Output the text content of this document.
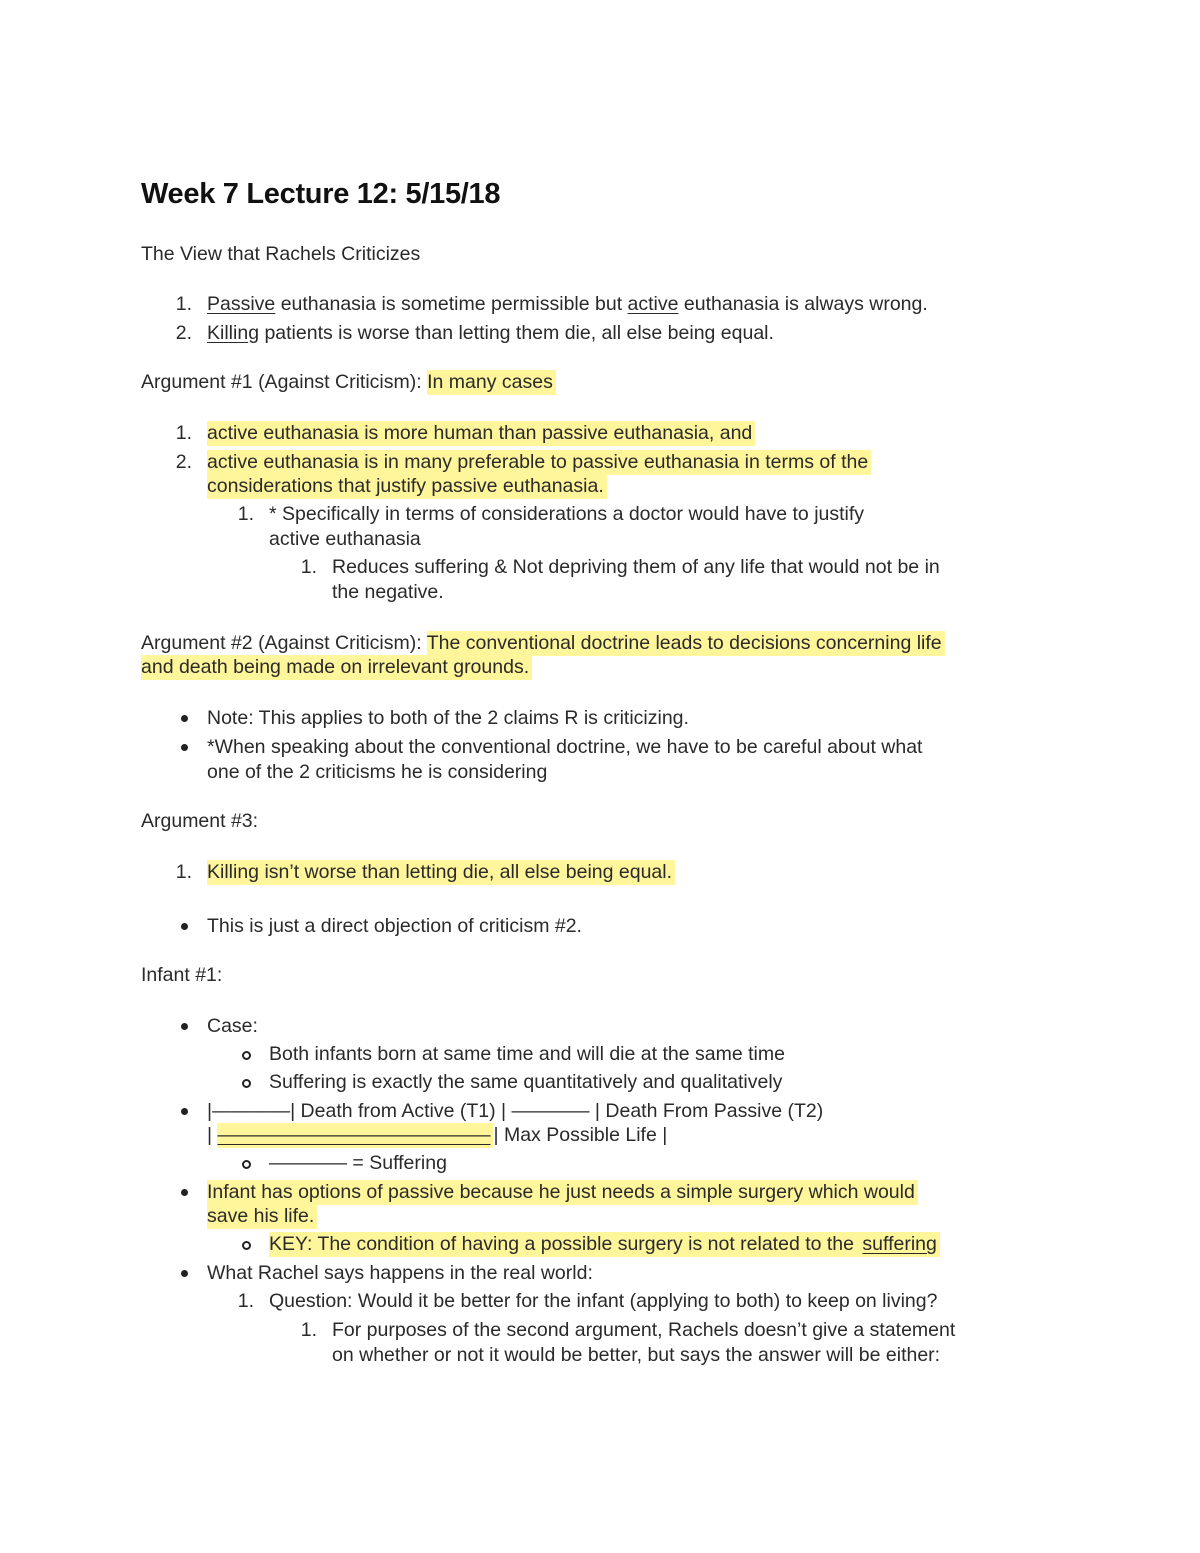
Week 7 Lecture 12: 5/15/18
The View that Rachels Criticizes
1. Passive euthanasia is sometime permissible but active euthanasia is always wrong.
2. Killing patients is worse than letting them die, all else being equal.
Argument #1 (Against Criticism): In many cases
1. active euthanasia is more human than passive euthanasia, and
2. active euthanasia is in many preferable to passive euthanasia in terms of the
considerations that justify passive euthanasia.
1. * Specifically in terms of considerations a doctor would have to justify
active euthanasia
1. Reduces suffering & Not depriving them of any life that would not be in
the negative.
Argument #2 (Against Criticism): The conventional doctrine leads to decisions concerning life
and death being made on irrelevant grounds.
Note: This applies to both of the 2 claims R is criticizing.
*When speaking about the conventional doctrine, we have to be careful about what
one of the 2 criticisms he is considering
Argument #3:
1. Killing isn’t worse than letting die, all else being equal.
This is just a direct objection of criticism #2.
Infant #1:
Case:
Both infants born at same time and will die at the same time
Suffering is exactly the same quantitatively and qualitatively
|————| Death from Active (T1) | ———— | Death From Passive (T2)
| —————————————— | Max Possible Life |
———— = Suffering
Infant has options of passive because he just needs a simple surgery which would
save his life.
KEY: The condition of having a possible surgery is not related to the suffering
What Rachel says happens in the real world:
1. Question: Would it be better for the infant (applying to both) to keep on living?
1. For purposes of the second argument, Rachels doesn’t give a statement
on whether or not it would be better, but says the answer will be either:
